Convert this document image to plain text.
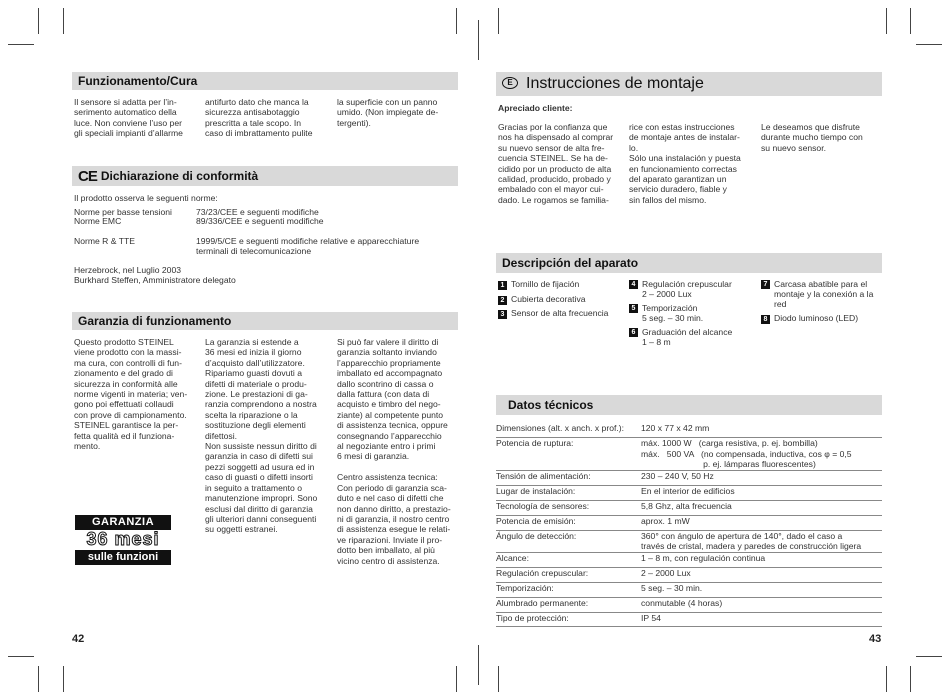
Funzionamento/Cura
Il sensore si adatta per l’in-
serimento automatico della
luce. Non conviene l’uso per
gli speciali impianti d’allarme
antifurto dato che manca la
sicurezza antisabotaggio
prescritta a tale scopo. In
caso di imbrattamento pulite
la superficie con un panno
umido. (Non impiegate de-
tergenti).
CE Dichiarazione di conformità
Il prodotto osserva le seguenti norme:
Norme per basse tensioni	73/23/CEE e seguenti modifiche
Norme EMC	89/336/CEE e seguenti modifiche
Norme R & TTE	1999/5/CE e seguenti modifiche relative e apparecchiature
terminali di telecomunicazione
Herzebrock, nel Luglio 2003
Burkhard Steffen, Amministratore delegato
Garanzia di funzionamento
Questo prodotto STEINEL
viene prodotto con la massi-
ma cura, con controlli di fun-
zionamento e del grado di
sicurezza in conformità alle
norme vigenti in materia; ven-
gono poi effettuati collaudi
con prove di campionamento.
STEINEL garantisce la per-
fetta qualità ed il funziona-
mento.
La garanzia si estende a
36 mesi ed inizia il giorno
d’acquisto dall’utilizzatore.
Ripariamo guasti dovuti a
difetti di materiale o produ-
zione. Le prestazioni di ga-
ranzia comprendono a nostra
scelta la riparazione o la
sostituzione degli elementi
difettosi.
Non sussiste nessun diritto di
garanzia in caso di difetti sui
pezzi soggetti ad usura ed in
caso di guasti o difetti insorti
in seguito a trattamento o
manutenzione impropri. Sono
esclusi dal diritto di garanzia
gli ulteriori danni conseguenti
su oggetti estranei.
Si può far valere il diritto di
garanzia soltanto inviando
l’apparecchio propriamente
imballato ed accompagnato
dallo scontrino di cassa o
dalla fattura (con data di
acquisto e timbro del nego-
ziante) al competente punto
di assistenza tecnica, oppure
consegnando l’apparecchio
al negoziante entro i primi
6 mesi di garanzia.

Centro assistenza tecnica:
Con periodo di garanzia sca-
duto e nel caso di difetti che
non danno diritto, a prestazio-
ni di garanzia, il nostro centro
di assistenza esegue le relati-
ve riparazioni. Inviate il pro-
dotto ben imballato, al più
vicino centro di assistenza.
GARANZIA
36 mesi
sulle funzioni
42
E Instrucciones de montaje
Apreciado cliente:
Gracias por la confianza que
nos ha dispensado al comprar
su nuevo sensor de alta fre-
cuencia STEINEL. Se ha de-
cidido por un producto de alta
calidad, producido, probado y
embalado con el mayor cui-
dado. Le rogamos se familia-
rice con estas instrucciones
de montaje antes de instalar-
lo.
Sólo una instalación y puesta
en funcionamiento correctas
del aparato garantizan un
servicio duradero, fiable y
sin fallos del mismo.
Le deseamos que disfrute
durante mucho tiempo con
su nuevo sensor.
Descripción del aparato
1 Tornillo de fijación
2 Cubierta decorativa
3 Sensor de alta frecuencia
4 Regulación crepuscular
2 – 2000 Lux
5 Temporización
5 seg. – 30 min.
6 Graduación del alcance
1 – 8 m
7 Carcasa abatible para el
montaje y la conexión a la
red
8 Diodo luminoso (LED)
Datos técnicos
Dimensiones (alt. x anch. x prof.):	120 x 77 x 42 mm
Potencia de ruptura:	máx. 1000 W   (carga resistiva, p. ej. bombilla)
máx.   500 VA   (no compensada, inductiva, cos φ = 0,5
p. ej. lámparas fluorescentes)
Tensión de alimentación:	230 – 240 V, 50 Hz
Lugar de instalación:	En el interior de edificios
Tecnología de sensores:	5,8 Ghz, alta frecuencia
Potencia de emisión:	aprox. 1 mW
Ángulo de detección:	360° con ángulo de apertura de 140°, dado el caso a
través de cristal, madera y paredes de construcción ligera
Alcance:	1 – 8 m, con regulación continua
Regulación crepuscular:	2 – 2000 Lux
Temporización:	5 seg. – 30 min.
Alumbrado permanente:	conmutable (4 horas)
Tipo de protección:	IP 54
43
